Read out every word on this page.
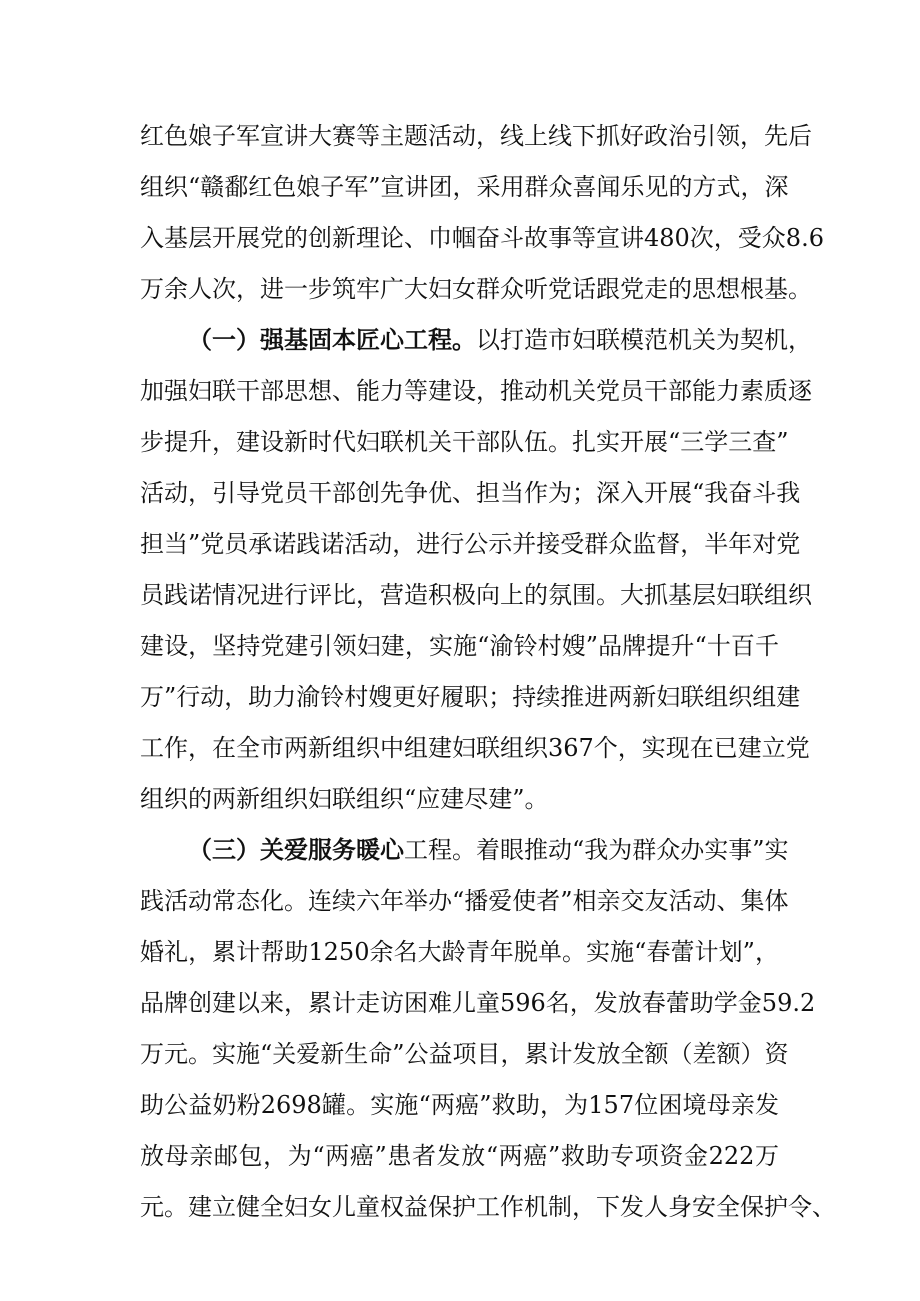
红色娘子军宣讲大赛等主题活动，线上线下抓好政治引领，先后
组织“赣鄱红色娘子军”宣讲团，采用群众喜闻乐见的方式，深
入基层开展党的创新理论、巾帼奋斗故事等宣讲480次，受众8.6
万余人次，进一步筑牢广大妇女群众听党话跟党走的思想根基。
（一）强基固本匠心工程。以打造市妇联模范机关为契机，
加强妇联干部思想、能力等建设，推动机关党员干部能力素质逐
步提升，建设新时代妇联机关干部队伍。扎实开展“三学三查”
活动，引导党员干部创先争优、担当作为；深入开展“我奋斗我
担当”党员承诺践诺活动，进行公示并接受群众监督，半年对党
员践诺情况进行评比，营造积极向上的氛围。大抓基层妇联组织
建设，坚持党建引领妇建，实施“渝铃村嫂”品牌提升“十百千
万”行动，助力渝铃村嫂更好履职；持续推进两新妇联组织组建
工作，在全市两新组织中组建妇联组织367个，实现在已建立党
组织的两新组织妇联组织“应建尽建”。
（三）关爱服务暖心工程。着眼推动“我为群众办实事”实
践活动常态化。连续六年举办“播爱使者”相亲交友活动、集体
婚礼，累计帮助1250余名大龄青年脱单。实施“春蕾计划”，
品牌创建以来，累计走访困难儿童596名，发放春蕾助学金59.2
万元。实施“关爱新生命”公益项目，累计发放全额（差额）资
助公益奶粉2698罐。实施“两癌”救助，为157位困境母亲发
放母亲邮包，为“两癌”患者发放“两癌”救助专项资金222万
元。建立健全妇女儿童权益保护工作机制，下发人身安全保护令、
